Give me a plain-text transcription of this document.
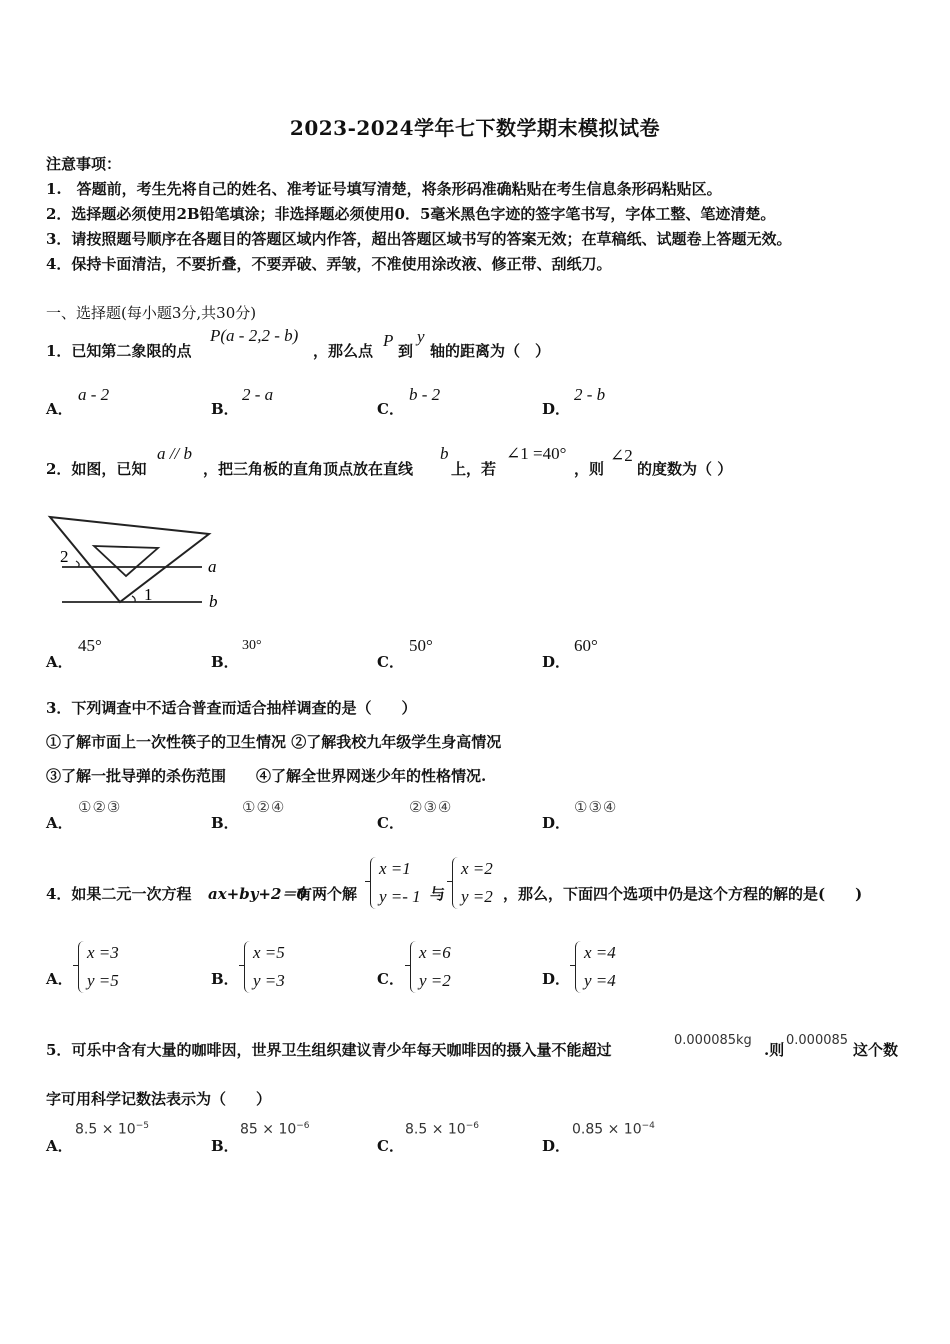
2023-2024学年七下数学期末模拟试卷
注意事项：
1.　答题前，考生先将自己的姓名、准考证号填写清楚，将条形码准确粘贴在考生信息条形码粘贴区。
2．选择题必须使用2B铅笔填涂；非选择题必须使用0．5毫米黑色字迹的签字笔书写，字体工整、笔迹清楚。
3．请按照题号顺序在各题目的答题区域内作答，超出答题区域书写的答案无效；在草稿纸、试题卷上答题无效。
4．保持卡面清洁，不要折叠，不要弄破、弄皱，不准使用涂改液、修正带、刮纸刀。
一、选择题(每小题3分,共30分)
1．已知第二象限的点
P(a - 2,2 - b)
，那么点
P
到
y
轴的距离为（　）
A．
a - 2
B．
2 - a
C．
b - 2
D．
2 - b
2．如图，已知
a // b
，把三角板的直角顶点放在直线
b
上，若
∠1 =40°
，则
∠2
的度数为（ ）
2
1
a
b
A．
45°
B．
30°
C．
50°
D．
60°
3．下列调查中不适合普查而适合抽样调查的是（　　）
①了解市面上一次性筷子的卫生情况 ②了解我校九年级学生身高情况
③了解一批导弹的杀伤范围　　④了解全世界网迷少年的性格情况.
A．
①②③
B．
①②④
C．
②③④
D．
①③④
4．如果二元一次方程 ax+by+2＝0
有两个解
x =1
y =- 1 与
x =2
y =2 ，那么，下面四个选项中仍是这个方程的解的是(　　)
A．
x =3
y =5	B．
x =5
y =3	C．
x =6
y =2	D．
x =4
y =4
5．可乐中含有大量的咖啡因，世界卫生组织建议青少年每天咖啡因的摄入量不能超过
0.000085kg
.则
0.000085
这个数
字可用科学记数法表示为（　　）
A．
$8.5 \times 10^{-5}$
B．
$85 \times 10^{-6}$
C．
$8.5 \times 10^{-6}$
D．
$0.85 \times 10^{-4}$
